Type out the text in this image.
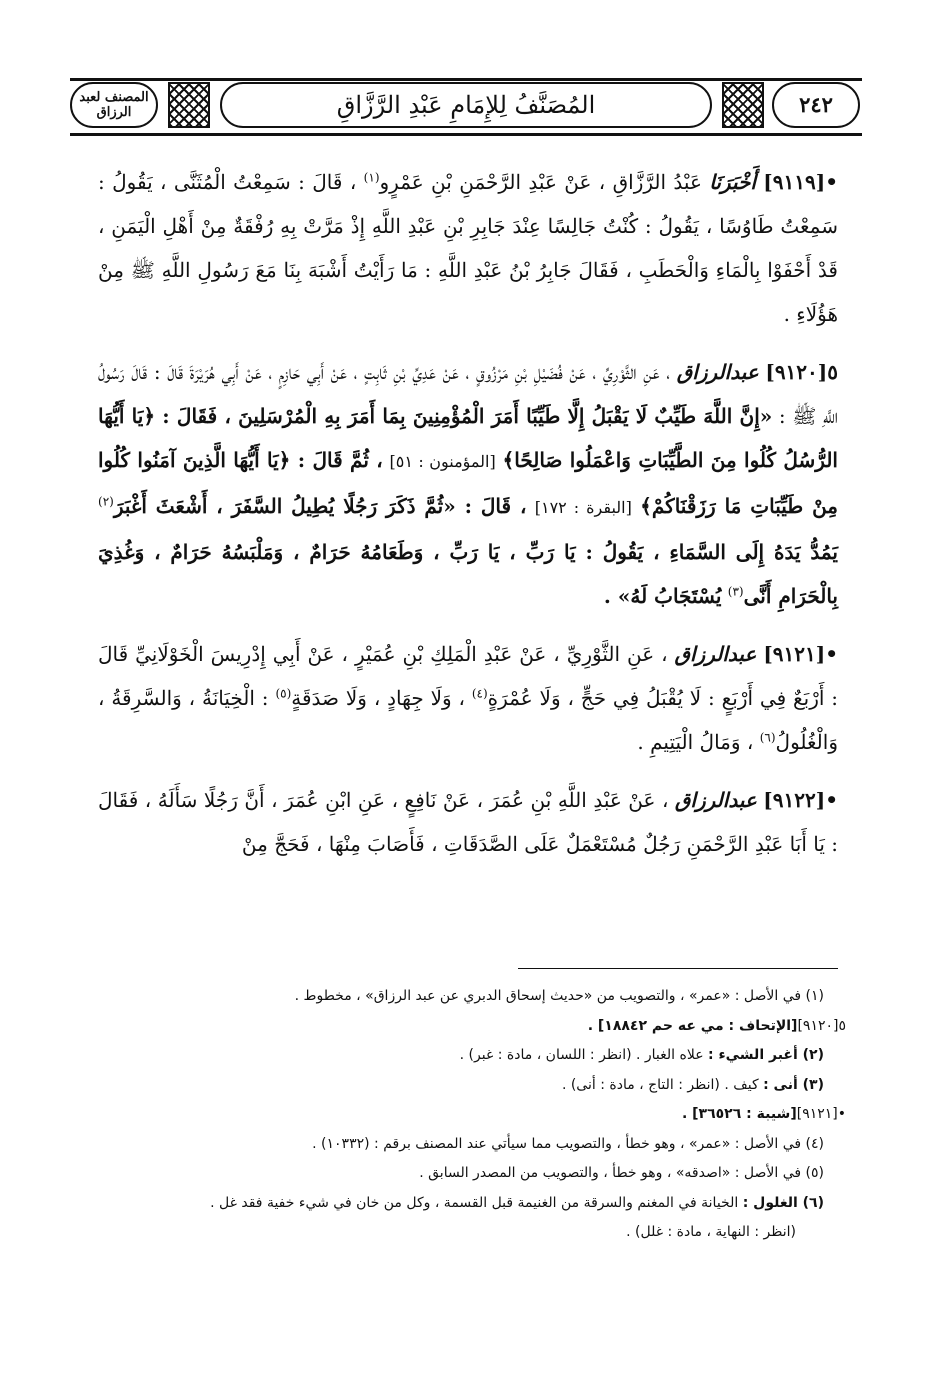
المصنف لعبد الرزاق	المُصَنَّفُ لِلإِمَامِ عَبْدِ الرَّزَّاقِ	٢٤٢

•[٩١١٩] أَخْبَرَنَا عَبْدُ الرَّزَّاقِ ، عَنْ عَبْدِ الرَّحْمَنِ بْنِ عَمْرٍو$^{(١)}$ ، قَالَ : سَمِعْتُ الْمُثَنَّى ، يَقُولُ : سَمِعْتُ طَاوُسًا ، يَقُولُ : كُنْتُ جَالِسًا عِنْدَ جَابِرِ بْنِ عَبْدِ اللَّهِ إِذْ مَرَّتْ بِهِ رُفْقَةٌ مِنْ أَهْلِ الْيَمَنِ ، قَدْ أَحْفَوْا بِالْمَاءِ وَالْحَطَبِ ، فَقَالَ جَابِرُ بْنُ عَبْدِ اللَّهِ : مَا رَأَيْتُ أَشْبَهَ بِنَا مَعَ رَسُولِ اللَّهِ ﷺ مِنْ هَؤُلَاءِ .

٥[٩١٢٠] عبدالرزاق ، عَنِ الثَّوْرِيِّ ، عَنْ فُضَيْلِ بْنِ مَرْزُوقٍ ، عَنْ عَدِيِّ بْنِ ثَابِتٍ ، عَنْ أَبِي حَازِمٍ ، عَنْ أَبِي هُرَيْرَةَ قَالَ : قَالَ رَسُولُ اللَّهِ ﷺ : «إِنَّ اللَّهَ طَيِّبٌ لَا يَقْبَلُ إِلَّا طَيِّبًا أَمَرَ الْمُؤْمِنِينَ بِمَا أَمَرَ بِهِ الْمُرْسَلِينَ ، فَقَالَ : ﴿يَا أَيُّهَا الرُّسُلُ كُلُوا مِنَ الطَّيِّبَاتِ وَاعْمَلُوا صَالِحًا﴾ [المؤمنون : ٥١] ، ثُمَّ قَالَ : ﴿يَا أَيُّهَا الَّذِينَ آمَنُوا كُلُوا مِنْ طَيِّبَاتِ مَا رَزَقْنَاكُمْ﴾ [البقرة : ١٧٢] ، قَالَ : «ثُمَّ ذَكَرَ رَجُلًا يُطِيلُ السَّفَرَ ، أَشْعَثَ أَغْبَرَ$^{(٢)}$ يَمُدُّ يَدَهُ إِلَى السَّمَاءِ ، يَقُولُ : يَا رَبِّ ، يَا رَبِّ ، وَطَعَامُهُ حَرَامٌ ، وَمَلْبَسُهُ حَرَامٌ ، وَغُذِيَ بِالْحَرَامِ أَنَّى$^{(٣)}$ يُسْتَجَابُ لَهُ» .

•[٩١٢١] عبدالرزاق ، عَنِ الثَّوْرِيِّ ، عَنْ عَبْدِ الْمَلِكِ بْنِ عُمَيْرٍ ، عَنْ أَبِي إِدْرِيسَ الْخَوْلَانِيِّ قَالَ : أَرْبَعٌ فِي أَرْبَعٍ : لَا يُقْبَلُ فِي حَجٍّ ، وَلَا عُمْرَةٍ$^{(٤)}$ ، وَلَا جِهَادٍ ، وَلَا صَدَقَةٍ$^{(٥)}$ : الْخِيَانَةُ ، وَالسَّرِقَةُ ، وَالْغُلُولُ$^{(٦)}$ ، وَمَالُ الْيَتِيمِ .

•[٩١٢٢] عبدالرزاق ، عَنْ عَبْدِ اللَّهِ بْنِ عُمَرَ ، عَنْ نَافِعٍ ، عَنِ ابْنِ عُمَرَ ، أَنَّ رَجُلًا سَأَلَهُ ، فَقَالَ : يَا أَبَا عَبْدِ الرَّحْمَنِ رَجُلٌ مُسْتَعْمَلٌ عَلَى الصَّدَقَاتِ ، فَأَصَابَ مِنْهَا ، فَحَجَّ مِنْ

(١) في الأصل : «عمر» ، والتصويب من «حديث إسحاق الدبري عن عبد الرزاق» ، مخطوط .
٥[٩١٢٠][الإتحاف : مي عه حم ١٨٨٤٢] .
(٢) أغبر الشيء : علاه الغبار . (انظر : اللسان ، مادة : غبر) .
(٣) أنى : كيف . (انظر : التاج ، مادة : أنى) .
•[٩١٢١][شيبة : ٣٦٥٢٦] .
(٤) في الأصل : «عمر» ، وهو خطأ ، والتصويب مما سيأتي عند المصنف برقم : (١٠٣٣٢) .
(٥) في الأصل : «اصدقه» ، وهو خطأ ، والتصويب من المصدر السابق .
(٦) الغلول : الخيانة في المغنم والسرقة من الغنيمة قبل القسمة ، وكل من خان في شيء خفية فقد غل .
(انظر : النهاية ، مادة : غلل) .
